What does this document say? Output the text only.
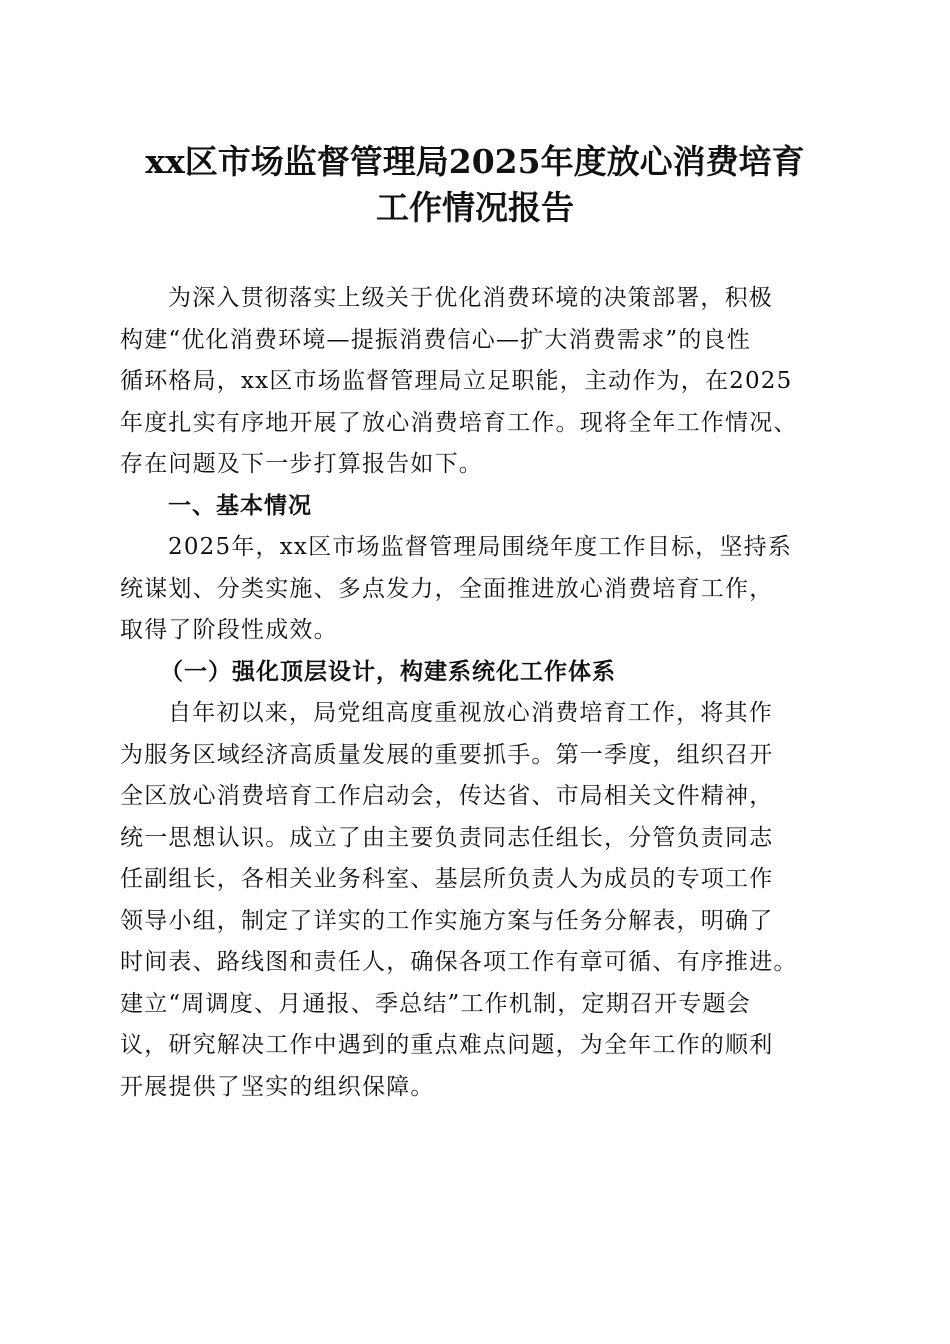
xx区市场监督管理局2025年度放心消费培育
工作情况报告
为深入贯彻落实上级关于优化消费环境的决策部署，积极
构建“优化消费环境—提振消费信心—扩大消费需求”的良性
循环格局，xx区市场监督管理局立足职能，主动作为，在2025
年度扎实有序地开展了放心消费培育工作。现将全年工作情况、
存在问题及下一步打算报告如下。
一、基本情况
2025年，xx区市场监督管理局围绕年度工作目标，坚持系
统谋划、分类实施、多点发力，全面推进放心消费培育工作，
取得了阶段性成效。
（一）强化顶层设计，构建系统化工作体系
自年初以来，局党组高度重视放心消费培育工作，将其作
为服务区域经济高质量发展的重要抓手。第一季度，组织召开
全区放心消费培育工作启动会，传达省、市局相关文件精神，
统一思想认识。成立了由主要负责同志任组长，分管负责同志
任副组长，各相关业务科室、基层所负责人为成员的专项工作
领导小组，制定了详实的工作实施方案与任务分解表，明确了
时间表、路线图和责任人，确保各项工作有章可循、有序推进。
建立“周调度、月通报、季总结”工作机制，定期召开专题会
议，研究解决工作中遇到的重点难点问题，为全年工作的顺利
开展提供了坚实的组织保障。
